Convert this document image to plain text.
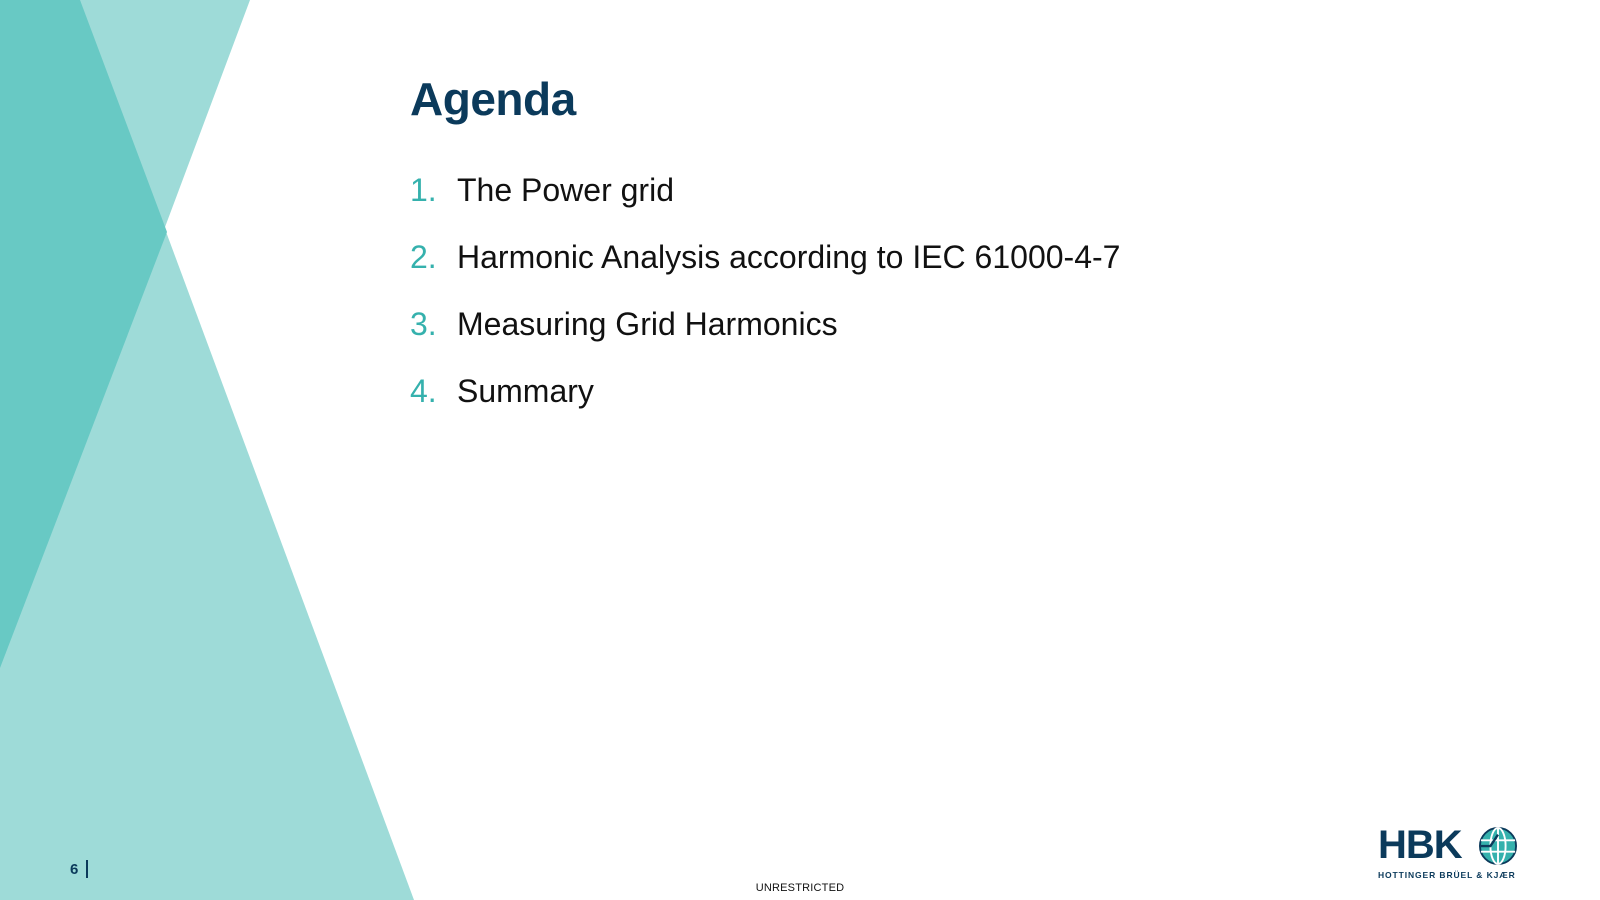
Agenda
1. The Power grid
2. Harmonic Analysis according to IEC 61000-4-7
3. Measuring Grid Harmonics
4. Summary
6
UNRESTRICTED
HBK
HOTTINGER BRÜEL & KJÆR
